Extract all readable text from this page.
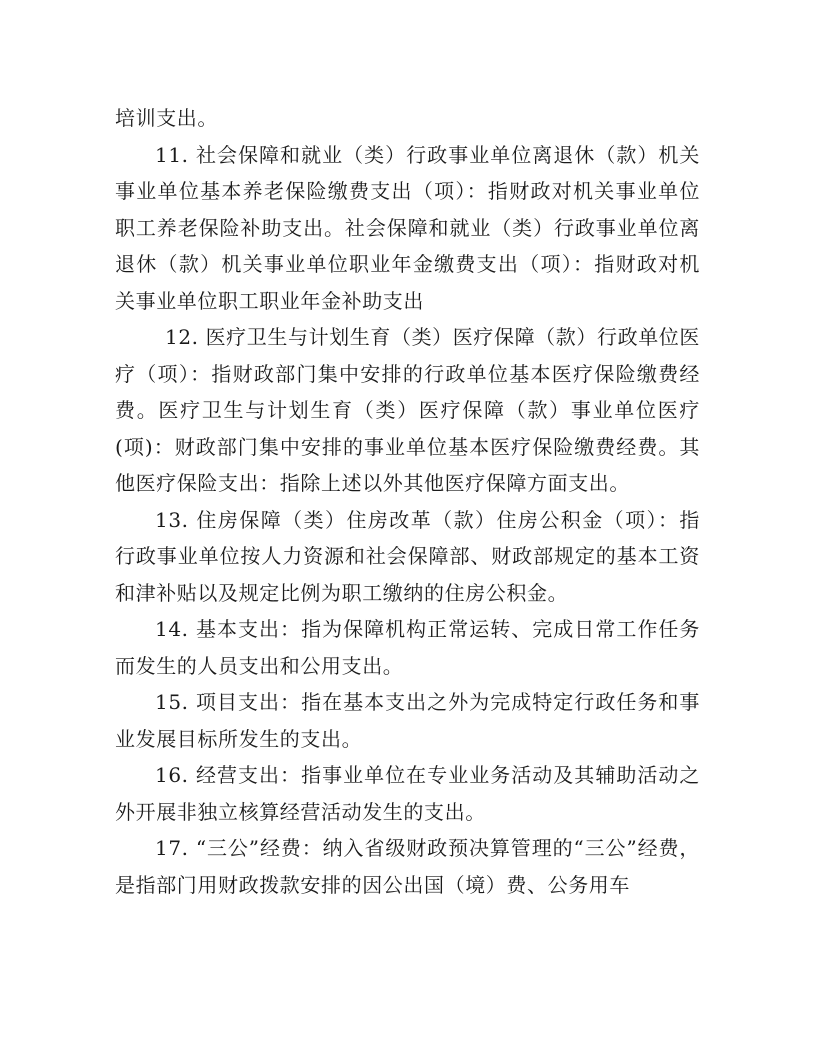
培训支出。

11. 社会保障和就业（类）行政事业单位离退休（款）机关事业单位基本养老保险缴费支出（项）：指财政对机关事业单位职工养老保险补助支出。社会保障和就业（类）行政事业单位离退休（款）机关事业单位职业年金缴费支出（项）：指财政对机关事业单位职工职业年金补助支出

12. 医疗卫生与计划生育（类）医疗保障（款）行政单位医疗（项）：指财政部门集中安排的行政单位基本医疗保险缴费经费。医疗卫生与计划生育（类）医疗保障（款）事业单位医疗(项)：财政部门集中安排的事业单位基本医疗保险缴费经费。其他医疗保险支出：指除上述以外其他医疗保障方面支出。

13. 住房保障（类）住房改革（款）住房公积金（项）：指行政事业单位按人力资源和社会保障部、财政部规定的基本工资和津补贴以及规定比例为职工缴纳的住房公积金。

14. 基本支出：指为保障机构正常运转、完成日常工作任务而发生的人员支出和公用支出。

15. 项目支出：指在基本支出之外为完成特定行政任务和事业发展目标所发生的支出。

16. 经营支出：指事业单位在专业业务活动及其辅助活动之外开展非独立核算经营活动发生的支出。

17. “三公”经费：纳入省级财政预决算管理的“三公”经费，是指部门用财政拨款安排的因公出国（境）费、公务用车
